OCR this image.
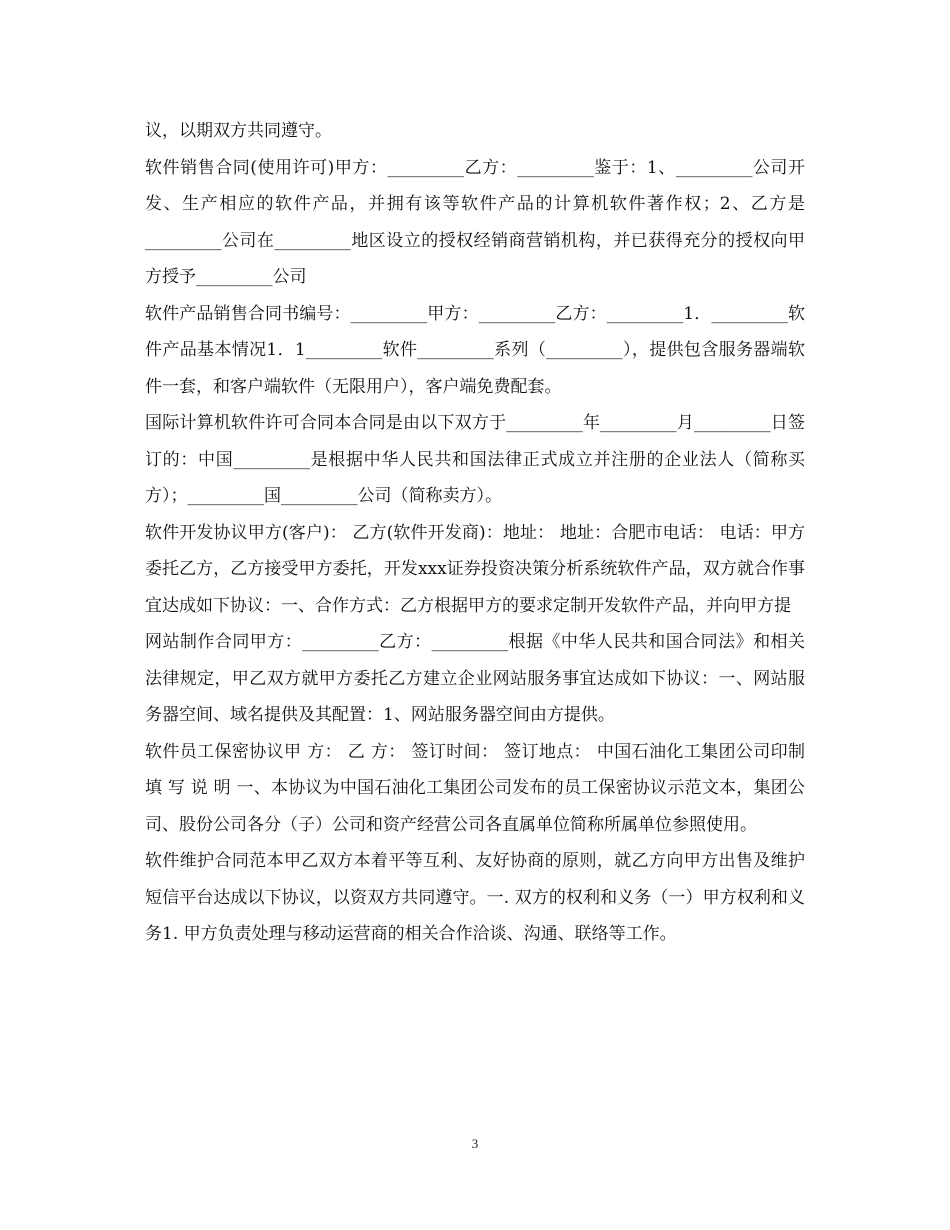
议，以期双方共同遵守。

软件销售合同(使用许可)甲方：_________乙方：_________鉴于：1、_________公司开发、生产相应的软件产品，并拥有该等软件产品的计算机软件著作权；2、乙方是_________公司在_________地区设立的授权经销商营销机构，并已获得充分的授权向甲方授予_________公司

软件产品销售合同书编号：_________甲方：_________乙方：_________1．_________软件产品基本情况1．1_________软件_________系列（_________），提供包含服务器端软件一套，和客户端软件（无限用户），客户端免费配套。

国际计算机软件许可合同本合同是由以下双方于_________年_________月_________日签订的：中国_________是根据中华人民共和国法律正式成立并注册的企业法人（简称买方）；_________国_________公司（简称卖方）。

软件开发协议甲方(客户)： 乙方(软件开发商)：地址： 地址：合肥市电话： 电话：甲方委托乙方，乙方接受甲方委托，开发xxx证券投资决策分析系统软件产品，双方就合作事宜达成如下协议：一、合作方式：乙方根据甲方的要求定制开发软件产品，并向甲方提

网站制作合同甲方：_________乙方：_________根据《中华人民共和国合同法》和相关法律规定，甲乙双方就甲方委托乙方建立企业网站服务事宜达成如下协议：一、网站服务器空间、域名提供及其配置：1、网站服务器空间由方提供。

软件员工保密协议甲 方： 乙 方： 签订时间： 签订地点： 中国石油化工集团公司印制 填 写 说 明 一、本协议为中国石油化工集团公司发布的员工保密协议示范文本，集团公司、股份公司各分（子）公司和资产经营公司各直属单位简称所属单位参照使用。

软件维护合同范本甲乙双方本着平等互利、友好协商的原则，就乙方向甲方出售及维护短信平台达成以下协议，以资双方共同遵守。一. 双方的权利和义务（一）甲方权利和义务1. 甲方负责处理与移动运营商的相关合作洽谈、沟通、联络等工作。

3
